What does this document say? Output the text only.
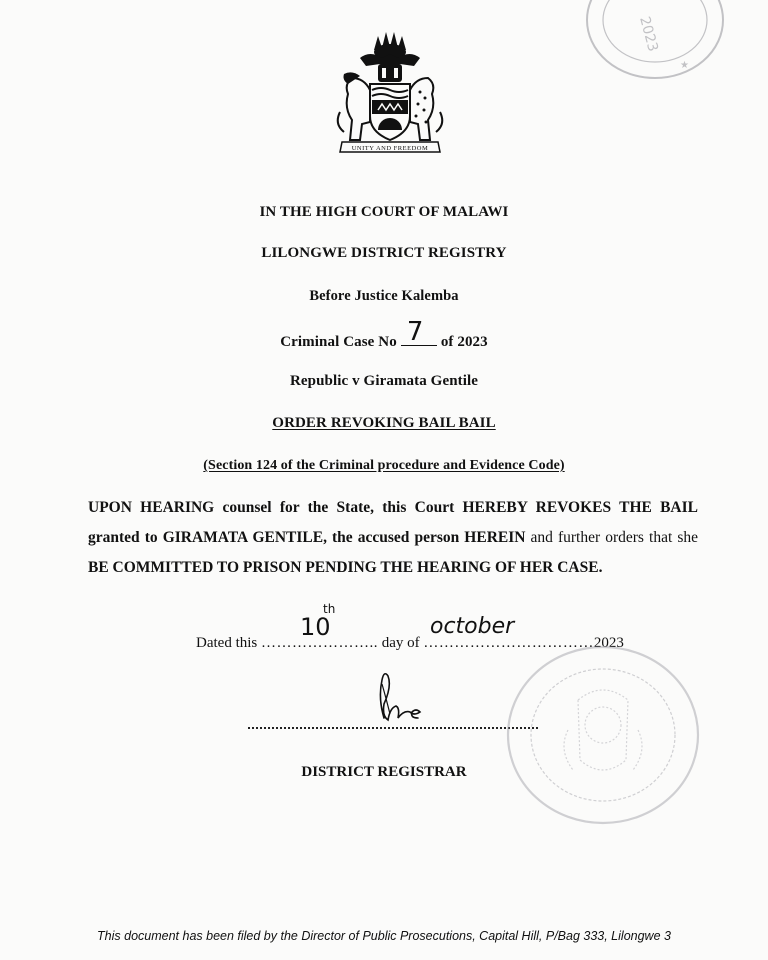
UNITY AND FREEDOM
2023
★
IN THE HIGH COURT OF MALAWI
LILONGWE DISTRICT REGISTRY
Before Justice Kalemba
Criminal Case No 7 of 2023
Republic v Giramata Gentile
ORDER REVOKING BAIL BAIL
(Section 124 of the Criminal procedure and Evidence Code)
UPON HEARING counsel for the State, this Court HEREBY REVOKES THE BAIL granted to GIRAMATA GENTILE, the accused person HEREIN and further orders that she BE COMMITTED TO PRISON PENDING THE HEARING OF HER CASE.
Dated this ………………….. day of ……………………………2023
10
th
october
DISTRICT REGISTRAR
This document has been filed by the Director of Public Prosecutions, Capital Hill, P/Bag 333, Lilongwe 3
